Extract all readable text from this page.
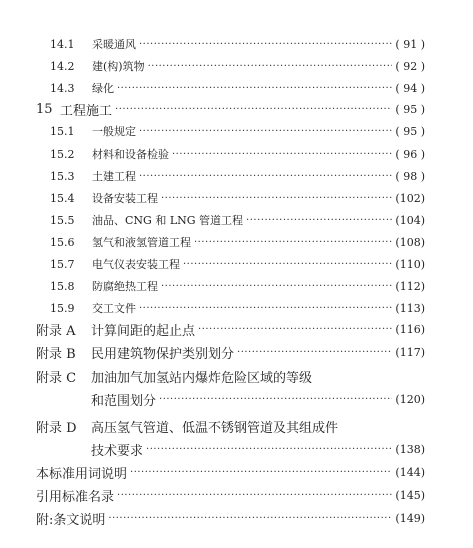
14.1	采暖通风 ·····	( 91 )
14.2	建(构)筑物 ·····	( 92 )
14.3	绿化 ·····	( 94 )
15 工程施工 ·····	( 95 )
15.1	一般规定 ·····	( 95 )
15.2	材料和设备检验 ·····	( 96 )
15.3	土建工程 ·····	( 98 )
15.4	设备安装工程 ·····	(102)
15.5	油品、CNG 和 LNG 管道工程 ·····	(104)
15.6	氢气和液氢管道工程 ·····	(108)
15.7	电气仪表安装工程 ·····	(110)
15.8	防腐绝热工程 ·····	(112)
15.9	交工文件 ·····	(113)
附录 A	计算间距的起止点 ·····	(116)
附录 B	民用建筑物保护类别划分 ·····	(117)
附录 C	加油加气加氢站内爆炸危险区域的等级
和范围划分 ·····	(120)
附录 D	高压氢气管道、低温不锈钢管道及其组成件
技术要求 ·····	(138)
本标准用词说明 ·····	(144)
引用标准名录 ·····	(145)
附:条文说明 ·····	(149)
